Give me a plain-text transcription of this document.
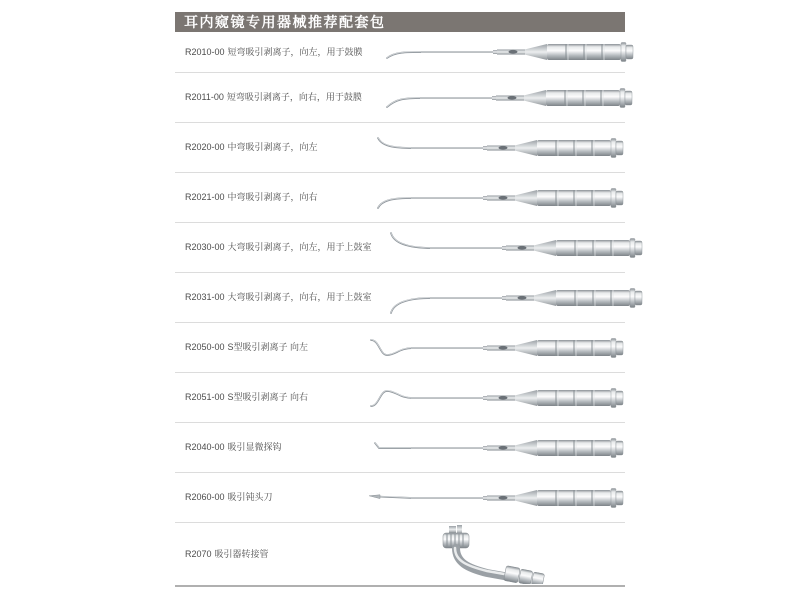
耳内窥镜专用器械推荐配套包
R2010-00 短弯吸引剥离子，向左，用于鼓膜
R2011-00 短弯吸引剥离子，向右，用于鼓膜
R2020-00 中弯吸引剥离子，向左
R2021-00 中弯吸引剥离子，向右
R2030-00 大弯吸引剥离子，向左，用于上鼓室
R2031-00 大弯吸引剥离子，向右，用于上鼓室
R2050-00 S型吸引剥离子 向左
R2051-00 S型吸引剥离子 向右
R2040-00 吸引显微探钩
R2060-00 吸引钝头刀
R2070 吸引器转接管
